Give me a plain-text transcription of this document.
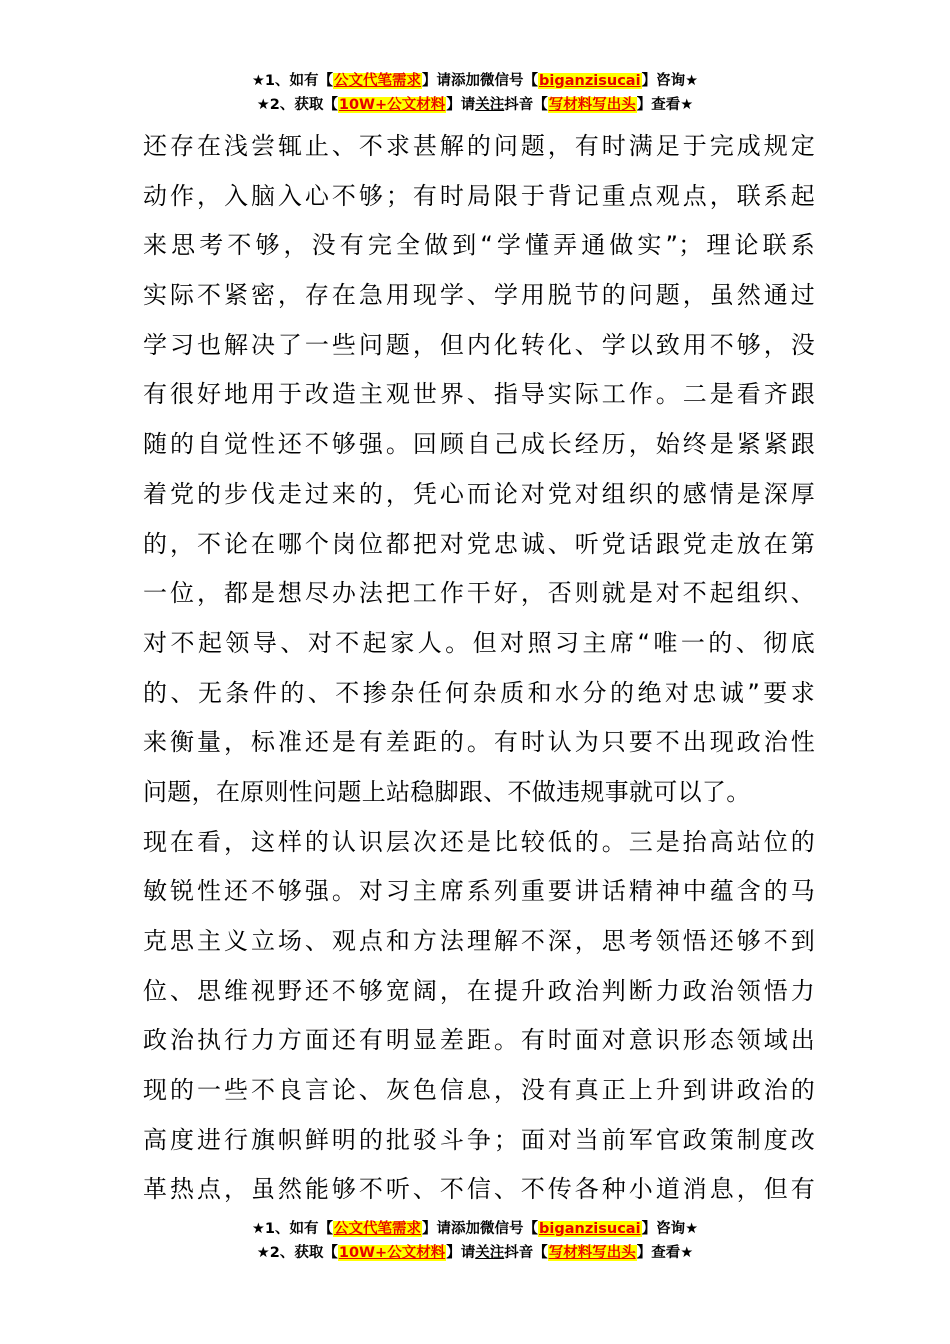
★1、如有【公文代笔需求】请添加微信号【biganzisucai】咨询★
★2、获取【10W+公文材料】请关注抖音【写材料写出头】查看★
还存在浅尝辄止、不求甚解的问题，有时满足于完成规定
动作，入脑入心不够；有时局限于背记重点观点，联系起
来思考不够，没有完全做到“学懂弄通做实”；理论联系
实际不紧密，存在急用现学、学用脱节的问题，虽然通过
学习也解决了一些问题，但内化转化、学以致用不够，没
有很好地用于改造主观世界、指导实际工作。二是看齐跟
随的自觉性还不够强。回顾自己成长经历，始终是紧紧跟
着党的步伐走过来的，凭心而论对党对组织的感情是深厚
的，不论在哪个岗位都把对党忠诚、听党话跟党走放在第
一位，都是想尽办法把工作干好，否则就是对不起组织、
对不起领导、对不起家人。但对照习主席“唯一的、彻底
的、无条件的、不掺杂任何杂质和水分的绝对忠诚”要求
来衡量，标准还是有差距的。有时认为只要不出现政治性
问题，在原则性问题上站稳脚跟、不做违规事就可以了。
现在看，这样的认识层次还是比较低的。三是抬高站位的
敏锐性还不够强。对习主席系列重要讲话精神中蕴含的马
克思主义立场、观点和方法理解不深，思考领悟还够不到
位、思维视野还不够宽阔，在提升政治判断力政治领悟力
政治执行力方面还有明显差距。有时面对意识形态领域出
现的一些不良言论、灰色信息，没有真正上升到讲政治的
高度进行旗帜鲜明的批驳斗争；面对当前军官政策制度改
革热点，虽然能够不听、不信、不传各种小道消息，但有
★1、如有【公文代笔需求】请添加微信号【biganzisucai】咨询★
★2、获取【10W+公文材料】请关注抖音【写材料写出头】查看★
